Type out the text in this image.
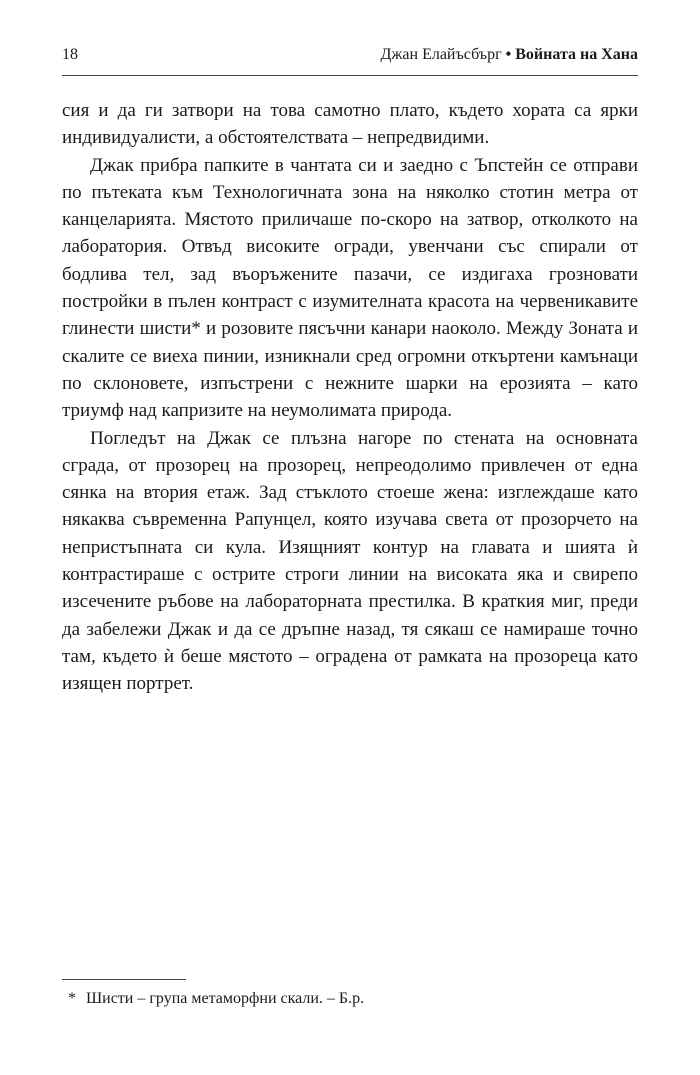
18	Джан Елайъсбърг • Войната на Хана

сия и да ги затвори на това самотно плато, където хората са ярки индивидуалисти, а обстоятелствата – непредвидими.

Джак прибра папките в чантата си и заедно с Ъпстейн се отправи по пътеката към Технологичната зона на няколко стотин метра от канцеларията. Мястото приличаше по-скоро на затвор, отколкото на лаборатория. Отвъд високите огради, увенчани със спирали от бодлива тел, зад въоръжените пазачи, се издигаха грозновати постройки в пълен контраст с изумителната красота на червеникавите глинести шисти* и розовите пясъчни канари наоколо. Между Зоната и скалите се виеха пинии, изникнали сред огромни откъртени камънаци по склоновете, изпъстрени с нежните шарки на ерозията – като триумф над капризите на неумолимата природа.

Погледът на Джак се плъзна нагоре по стената на основната сграда, от прозорец на прозорец, непреодолимо привлечен от една сянка на втория етаж. Зад стъклото стоеше жена: изглеждаше като някаква съвременна Рапунцел, която изучава света от прозорчето на непристъпната си кула. Изящният контур на главата и шията ѝ контрастираше с острите строги линии на високата яка и свирепо изсечените ръбове на лабораторната престилка. В краткия миг, преди да забележи Джак и да се дръпне назад, тя сякаш се намираше точно там, където ѝ беше мястото – оградена от рамката на прозореца като изящен портрет.

* Шисти – група метаморфни скали. – Б.р.
